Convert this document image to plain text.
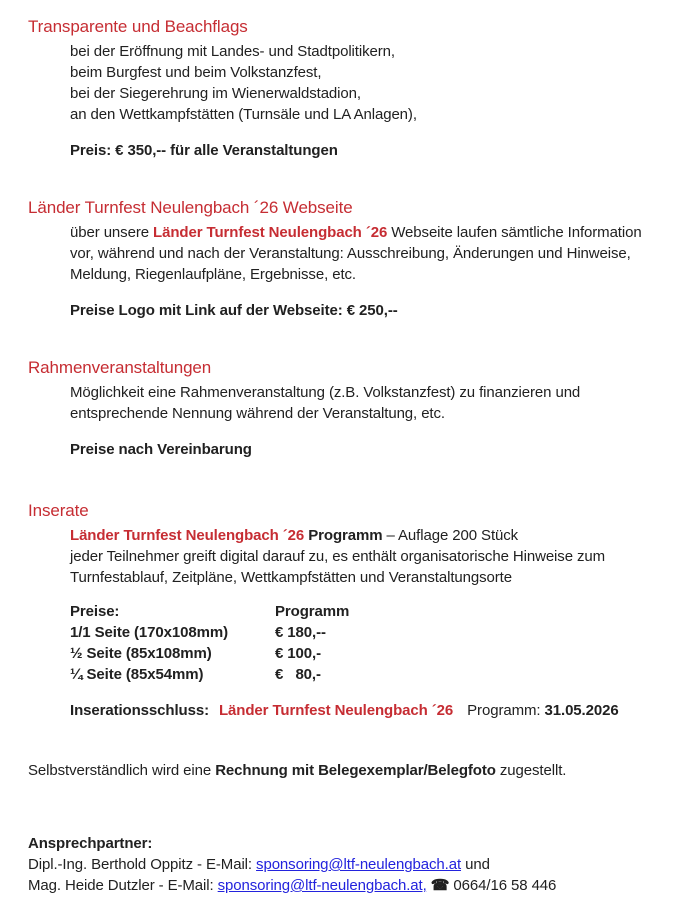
Transparente und Beachflags

bei der Eröffnung mit Landes- und Stadtpolitikern,

beim Burgfest und beim Volkstanzfest,

bei der Siegerehrung im Wienerwaldstadion,

an den Wettkampfstätten (Turnsäle und LA Anlagen),

Preis: € 350,-- für alle Veranstaltungen

Länder Turnfest Neulengbach ´26 Webseite

über unsere Länder Turnfest Neulengbach ´26 Webseite laufen sämtliche Information

vor, während und nach der Veranstaltung: Ausschreibung, Änderungen und Hinweise,

Meldung, Riegenlaufpläne, Ergebnisse, etc.

Preise Logo mit Link auf der Webseite: € 250,--

Rahmenveranstaltungen

Möglichkeit eine Rahmenveranstaltung (z.B. Volkstanzfest) zu finanzieren und

entsprechende Nennung während der Veranstaltung, etc.

Preise nach Vereinbarung

Inserate

Länder Turnfest Neulengbach ´26 Programm – Auflage 200 Stück

jeder Teilnehmer greift digital darauf zu, es enthält organisatorische Hinweise zum

Turnfestablauf, Zeitpläne, Wettkampfstätten und Veranstaltungsorte

Preise:	Programm
1/1 Seite (170x108mm)	€ 180,--
½ Seite (85x108mm)	€ 100,-
¼ Seite (85x54mm)	€   80,-

Inserationsschluss: Länder Turnfest Neulengbach ´26 Programm: 31.05.2026

Selbstverständlich wird eine Rechnung mit Belegexemplar/Belegfoto zugestellt.

Ansprechpartner:

Dipl.-Ing. Berthold Oppitz - E-Mail: sponsoring@ltf-neulengbach.at und

Mag. Heide Dutzler - E-Mail: sponsoring@ltf-neulengbach.at, ☎ 0664/16 58 446
